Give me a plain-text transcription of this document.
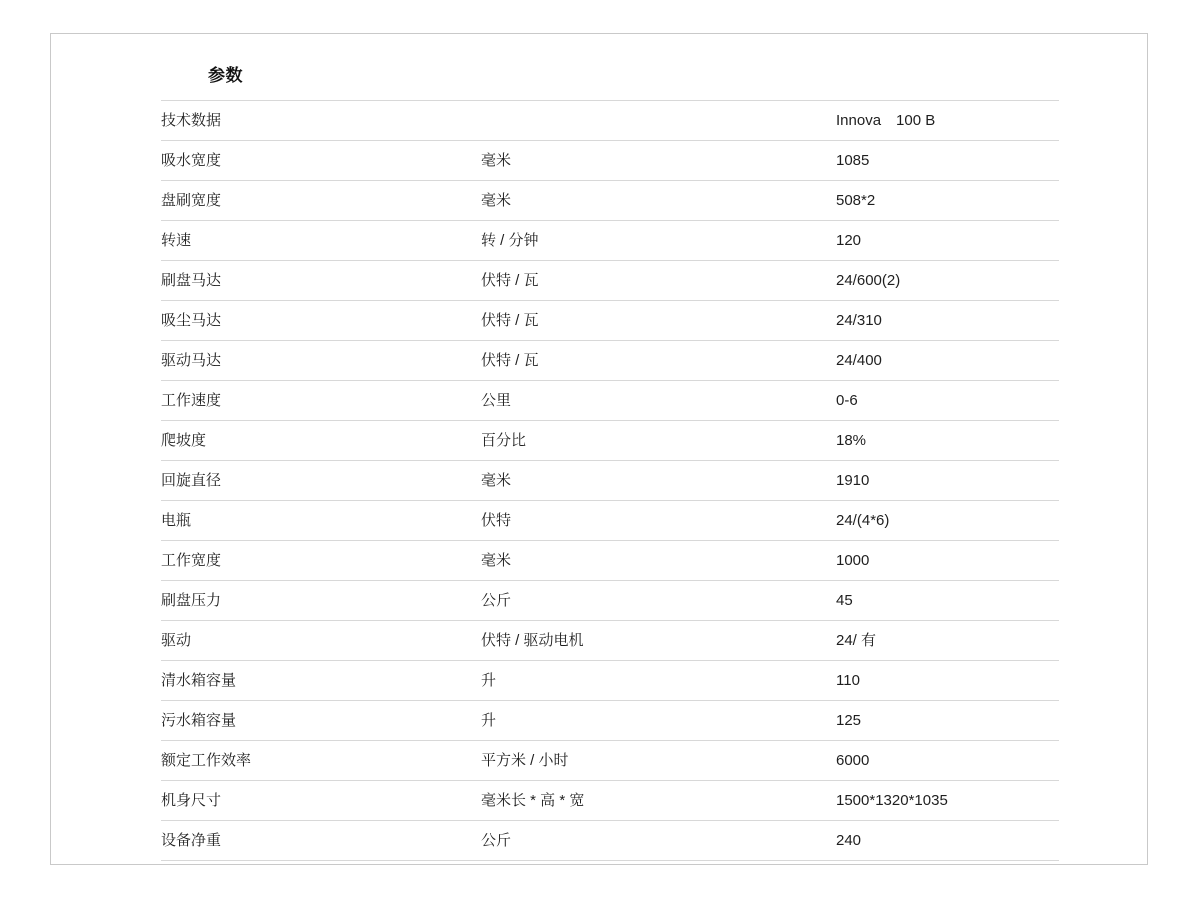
参数
技术数据		Innova 100 B
吸水宽度	毫米	1085
盘刷宽度	毫米	508*2
转速	转 / 分钟	120
刷盘马达	伏特 / 瓦	24/600(2)
吸尘马达	伏特 / 瓦	24/310
驱动马达	伏特 / 瓦	24/400
工作速度	公里	0-6
爬坡度	百分比	18%
回旋直径	毫米	1910
电瓶	伏特	24/(4*6)
工作宽度	毫米	1000
刷盘压力	公斤	45
驱动	伏特 / 驱动电机	24/ 有
清水箱容量	升	110
污水箱容量	升	125
额定工作效率	平方米 / 小时	6000
机身尺寸	毫米长 * 高 * 宽	1500*1320*1035
设备净重	公斤	240
